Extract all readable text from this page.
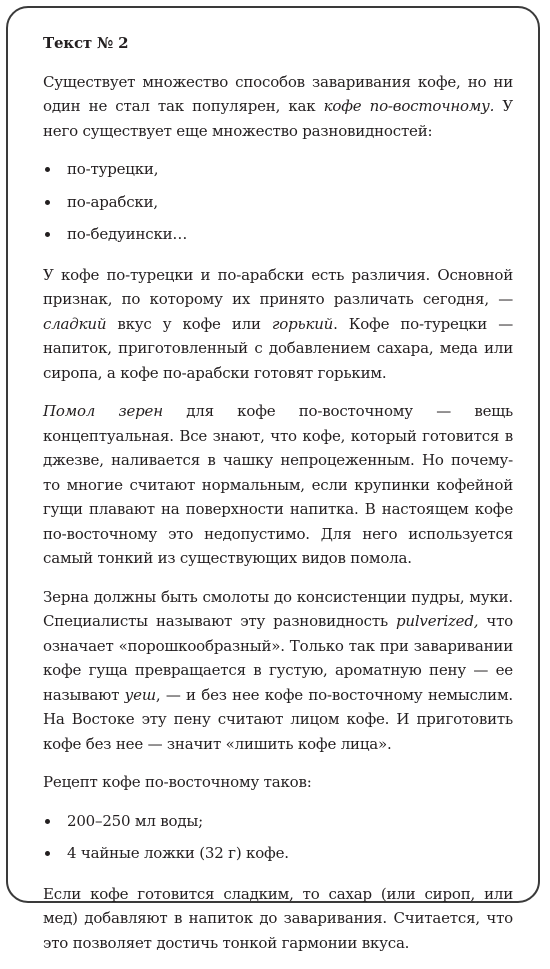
Текст № 2

Существует множество способов заваривания кофе, но ни один не стал так популярен, как кофе по-восточному. У него существует еще множество разновидностей:

по-турецки,
по-арабски,
по-бедуински…

У кофе по-турецки и по-арабски есть различия. Основной признак, по которому их принято различать сегодня, — сладкий вкус у кофе или горький. Кофе по-турецки — напиток, приготовленный с добавлением сахара, меда или сиропа, а кофе по-арабски готовят горьким.

Помол зерен для кофе по-восточному — вещь концептуальная. Все знают, что кофе, который готовится в джезве, наливается в чашку непроцеженным. Но почему-то многие считают нормальным, если крупинки кофейной гущи плавают на поверхности напитка. В настоящем кофе по-восточному это недопустимо. Для него используется самый тонкий из существующих видов помола.

Зерна должны быть смолоты до консистенции пудры, муки. Специалисты называют эту разновидность pulverized, что означает «порошкообразный». Только так при заваривании кофе гуща превращается в густую, ароматную пену — ее называют уеш, — и без нее кофе по-восточному немыслим. На Востоке эту пену считают лицом кофе. И приготовить кофе без нее — значит «лишить кофе лица».

Рецепт кофе по-восточному таков:

200–250 мл воды;
4 чайные ложки (32 г) кофе.

Если кофе готовится сладким, то сахар (или сироп, или мед) добавляют в напиток до заваривания. Считается, что это позволяет достичь тонкой гармонии вкуса.
